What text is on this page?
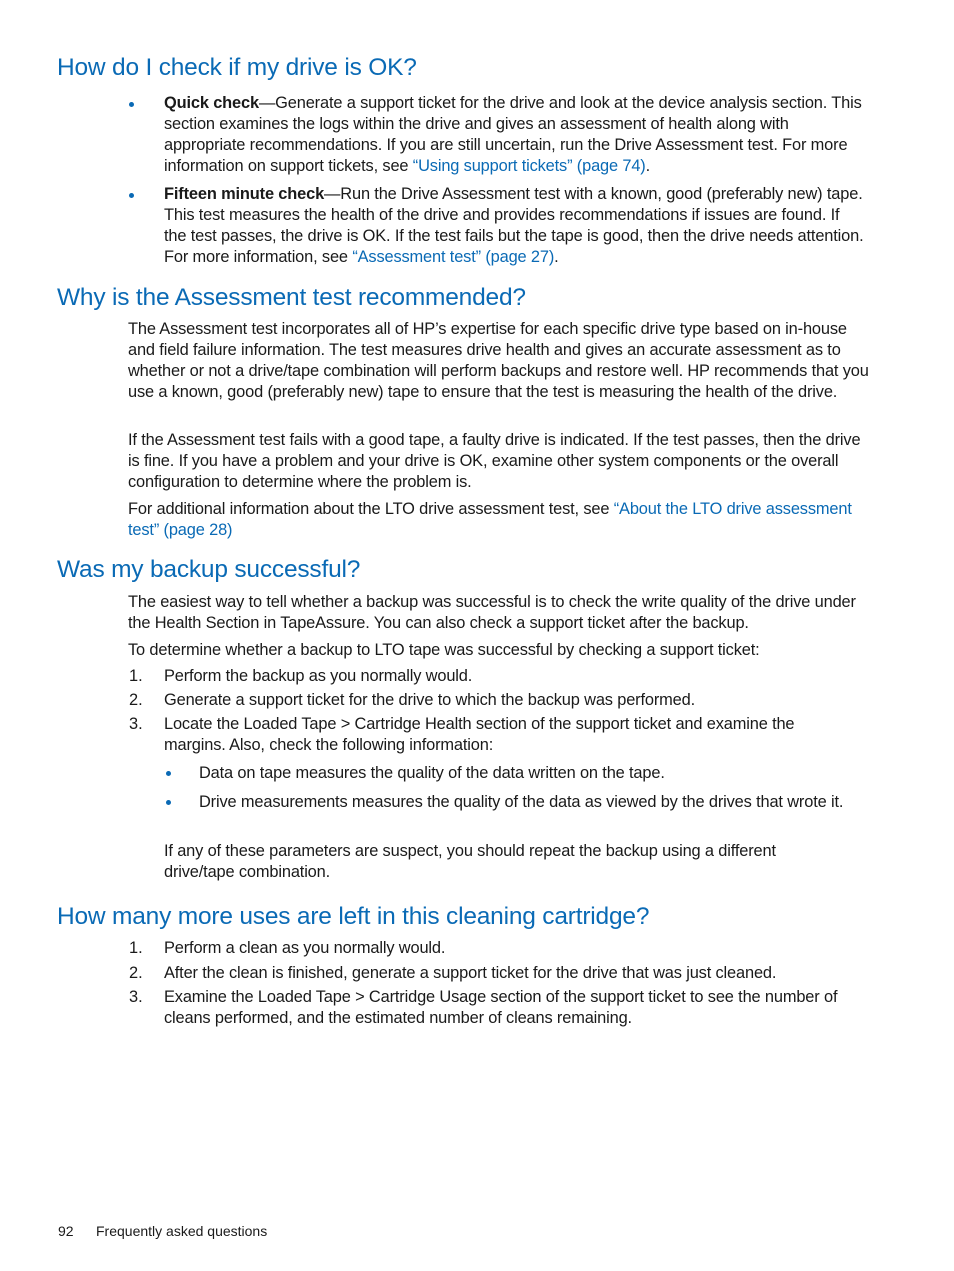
How do I check if my drive is OK?
Quick check—Generate a support ticket for the drive and look at the device analysis section. This section examines the logs within the drive and gives an assessment of health along with appropriate recommendations. If you are still uncertain, run the Drive Assessment test. For more information on support tickets, see “Using support tickets” (page 74).
Fifteen minute check—Run the Drive Assessment test with a known, good (preferably new) tape. This test measures the health of the drive and provides recommendations if issues are found. If the test passes, the drive is OK. If the test fails but the tape is good, then the drive needs attention. For more information, see “Assessment test” (page 27).
Why is the Assessment test recommended?
The Assessment test incorporates all of HP’s expertise for each specific drive type based on in-house and field failure information. The test measures drive health and gives an accurate assessment as to whether or not a drive/tape combination will perform backups and restore well. HP recommends that you use a known, good (preferably new) tape to ensure that the test is measuring the health of the drive.
If the Assessment test fails with a good tape, a faulty drive is indicated. If the test passes, then the drive is fine. If you have a problem and your drive is OK, examine other system components or the overall configuration to determine where the problem is.
For additional information about the LTO drive assessment test, see “About the LTO drive assessment test” (page 28)
Was my backup successful?
The easiest way to tell whether a backup was successful is to check the write quality of the drive under the Health Section in TapeAssure. You can also check a support ticket after the backup.
To determine whether a backup to LTO tape was successful by checking a support ticket:
1. Perform the backup as you normally would.
2. Generate a support ticket for the drive to which the backup was performed.
3. Locate the Loaded Tape > Cartridge Health section of the support ticket and examine the margins. Also, check the following information:
Data on tape measures the quality of the data written on the tape.
Drive measurements measures the quality of the data as viewed by the drives that wrote it.
If any of these parameters are suspect, you should repeat the backup using a different drive/tape combination.
How many more uses are left in this cleaning cartridge?
1. Perform a clean as you normally would.
2. After the clean is finished, generate a support ticket for the drive that was just cleaned.
3. Examine the Loaded Tape > Cartridge Usage section of the support ticket to see the number of cleans performed, and the estimated number of cleans remaining.
92 Frequently asked questions
